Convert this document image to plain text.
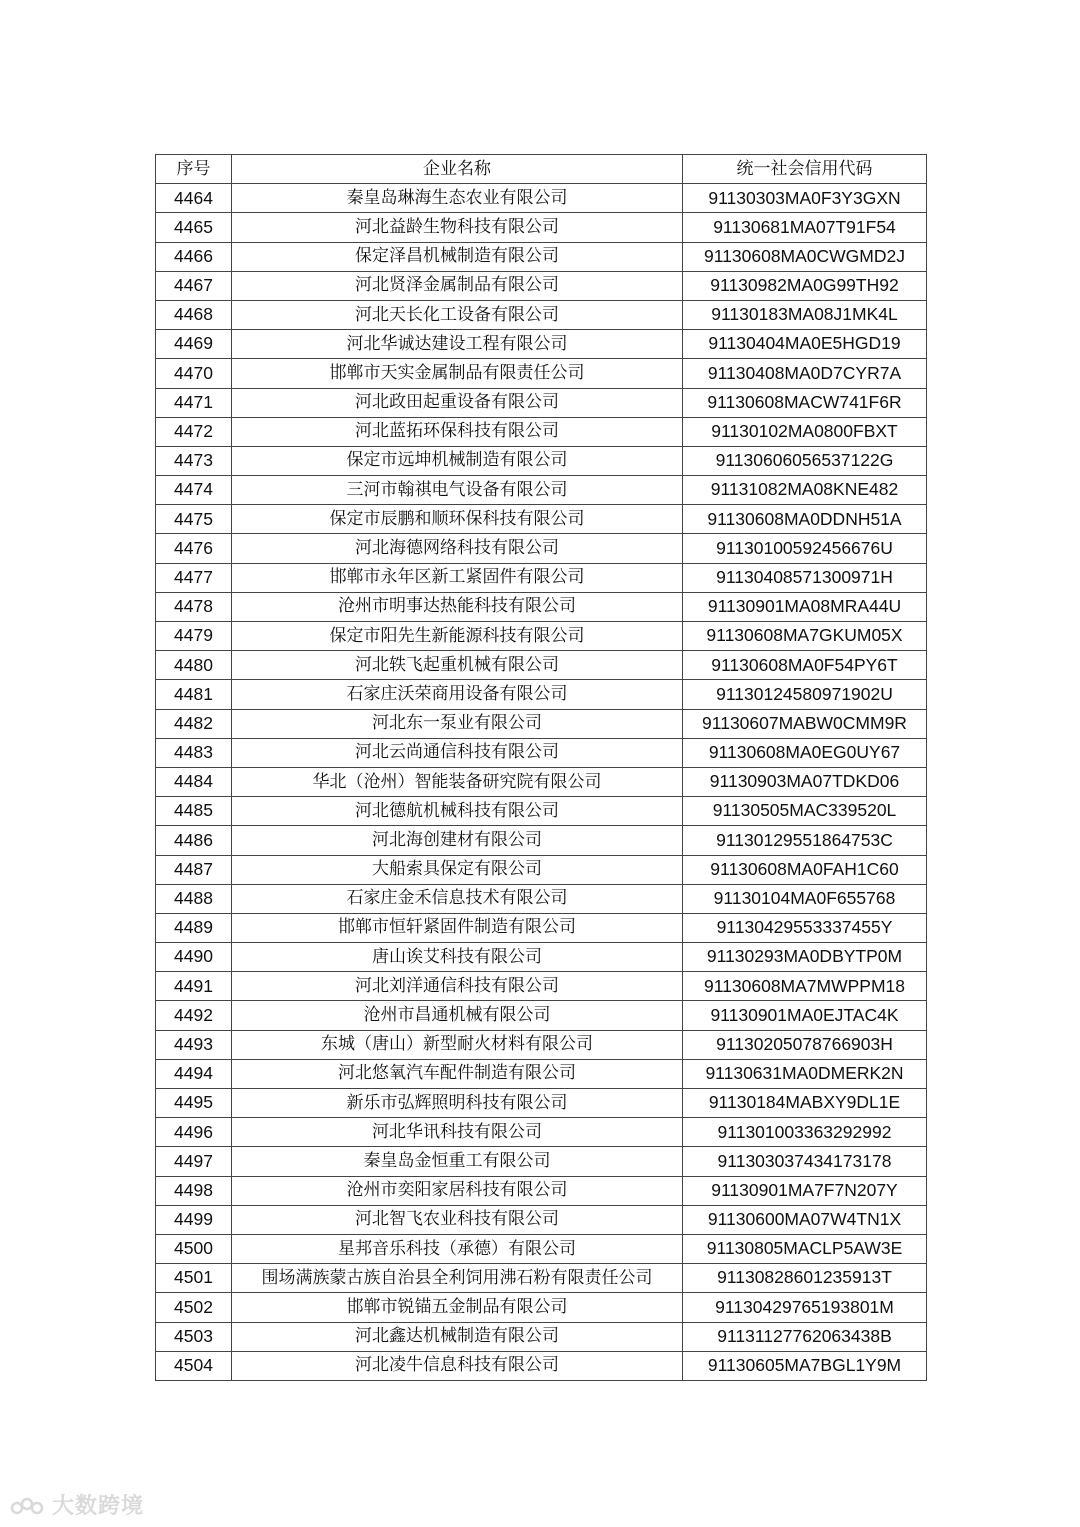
序号	企业名称	统一社会信用代码
4464	秦皇岛琳海生态农业有限公司	91130303MA0F3Y3GXN
4465	河北益龄生物科技有限公司	91130681MA07T91F54
4466	保定泽昌机械制造有限公司	91130608MA0CWGMD2J
4467	河北贤泽金属制品有限公司	91130982MA0G99TH92
4468	河北天长化工设备有限公司	91130183MA08J1MK4L
4469	河北华诚达建设工程有限公司	91130404MA0E5HGD19
4470	邯郸市天实金属制品有限责任公司	91130408MA0D7CYR7A
4471	河北政田起重设备有限公司	91130608MACW741F6R
4472	河北蓝拓环保科技有限公司	91130102MA0800FBXT
4473	保定市远坤机械制造有限公司	91130606056537122G
4474	三河市翰祺电气设备有限公司	91131082MA08KNE482
4475	保定市辰鹏和顺环保科技有限公司	91130608MA0DDNH51A
4476	河北海德网络科技有限公司	91130100592456676U
4477	邯郸市永年区新工紧固件有限公司	91130408571300971H
4478	沧州市明事达热能科技有限公司	91130901MA08MRA44U
4479	保定市阳先生新能源科技有限公司	91130608MA7GKUM05X
4480	河北轶飞起重机械有限公司	91130608MA0F54PY6T
4481	石家庄沃荣商用设备有限公司	91130124580971902U
4482	河北东一泵业有限公司	91130607MABW0CMM9R
4483	河北云尚通信科技有限公司	91130608MA0EG0UY67
4484	华北（沧州）智能装备研究院有限公司	91130903MA07TDKD06
4485	河北德航机械科技有限公司	91130505MAC339520L
4486	河北海创建材有限公司	91130129551864753C
4487	大船索具保定有限公司	91130608MA0FAH1C60
4488	石家庄金禾信息技术有限公司	91130104MA0F655768
4489	邯郸市恒轩紧固件制造有限公司	91130429553337455Y
4490	唐山诶艾科技有限公司	91130293MA0DBYTP0M
4491	河北刘洋通信科技有限公司	91130608MA7MWPPM18
4492	沧州市昌通机械有限公司	91130901MA0EJTAC4K
4493	东城（唐山）新型耐火材料有限公司	91130205078766903H
4494	河北悠氧汽车配件制造有限公司	91130631MA0DMERK2N
4495	新乐市弘辉照明科技有限公司	91130184MABXY9DL1E
4496	河北华讯科技有限公司	911301003363292992
4497	秦皇岛金恒重工有限公司	911303037434173178
4498	沧州市奕阳家居科技有限公司	91130901MA7F7N207Y
4499	河北智飞农业科技有限公司	91130600MA07W4TN1X
4500	星邦音乐科技（承德）有限公司	91130805MACLP5AW3E
4501	围场满族蒙古族自治县全利饲用沸石粉有限责任公司	91130828601235913T
4502	邯郸市锐锚五金制品有限公司	91130429765193801M
4503	河北鑫达机械制造有限公司	91131127762063438B
4504	河北凌牛信息科技有限公司	91130605MA7BGL1Y9M
大数跨境
